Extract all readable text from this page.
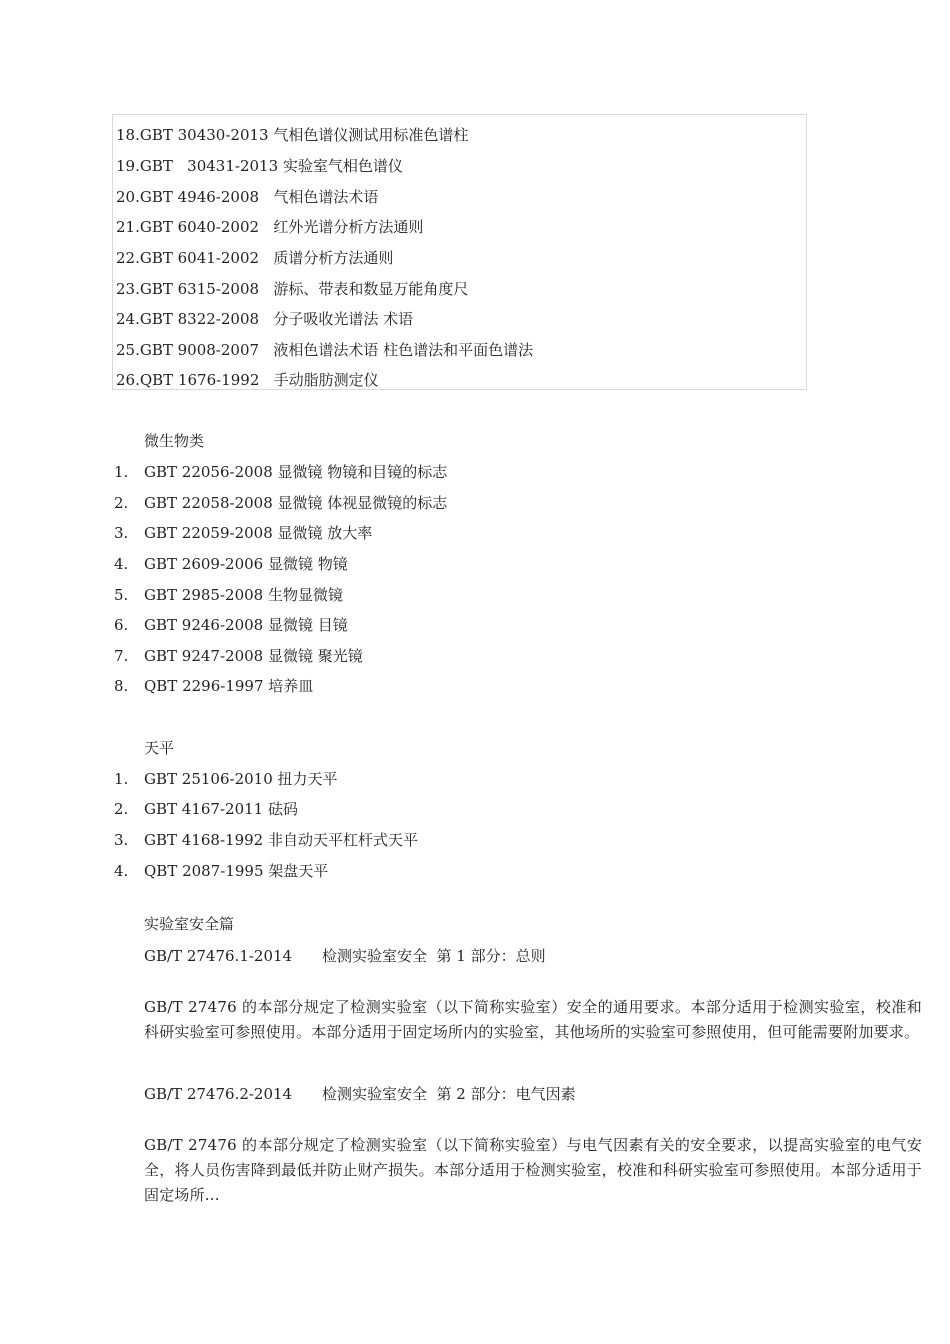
18.GBT 30430-2013 气相色谱仪测试用标准色谱柱
19.GBT   30431-2013 实验室气相色谱仪
20.GBT 4946-2008   气相色谱法术语
21.GBT 6040-2002   红外光谱分析方法通则
22.GBT 6041-2002   质谱分析方法通则
23.GBT 6315-2008   游标、带表和数显万能角度尺
24.GBT 8322-2008   分子吸收光谱法 术语
25.GBT 9008-2007   液相色谱法术语 柱色谱法和平面色谱法
26.QBT 1676-1992   手动脂肪测定仪
微生物类
1. GBT 22056-2008 显微镜 物镜和目镜的标志
2. GBT 22058-2008 显微镜 体视显微镜的标志
3. GBT 22059-2008 显微镜 放大率
4. GBT 2609-2006 显微镜 物镜
5. GBT 2985-2008 生物显微镜
6. GBT 9246-2008 显微镜 目镜
7. GBT 9247-2008 显微镜 聚光镜
8. QBT 2296-1997 培养皿
天平
1. GBT 25106-2010 扭力天平
2. GBT 4167-2011 砝码
3. GBT 4168-1992 非自动天平杠杆式天平
4. QBT 2087-1995 架盘天平
实验室安全篇
GB/T 27476.1-2014 检测实验室安全  第 1 部分：总则
GB/T 27476 的本部分规定了检测实验室（以下简称实验室）安全的通用要求。本部分适用于检测实验室，校准和科研实验室可参照使用。本部分适用于固定场所内的实验室，其他场所的实验室可参照使用，但可能需要附加要求。
GB/T 27476.2-2014 检测实验室安全  第 2 部分：电气因素
GB/T 27476 的本部分规定了检测实验室（以下简称实验室）与电气因素有关的安全要求，以提高实验室的电气安全，将人员伤害降到最低并防止财产损失。本部分适用于检测实验室，校准和科研实验室可参照使用。本部分适用于固定场所...
